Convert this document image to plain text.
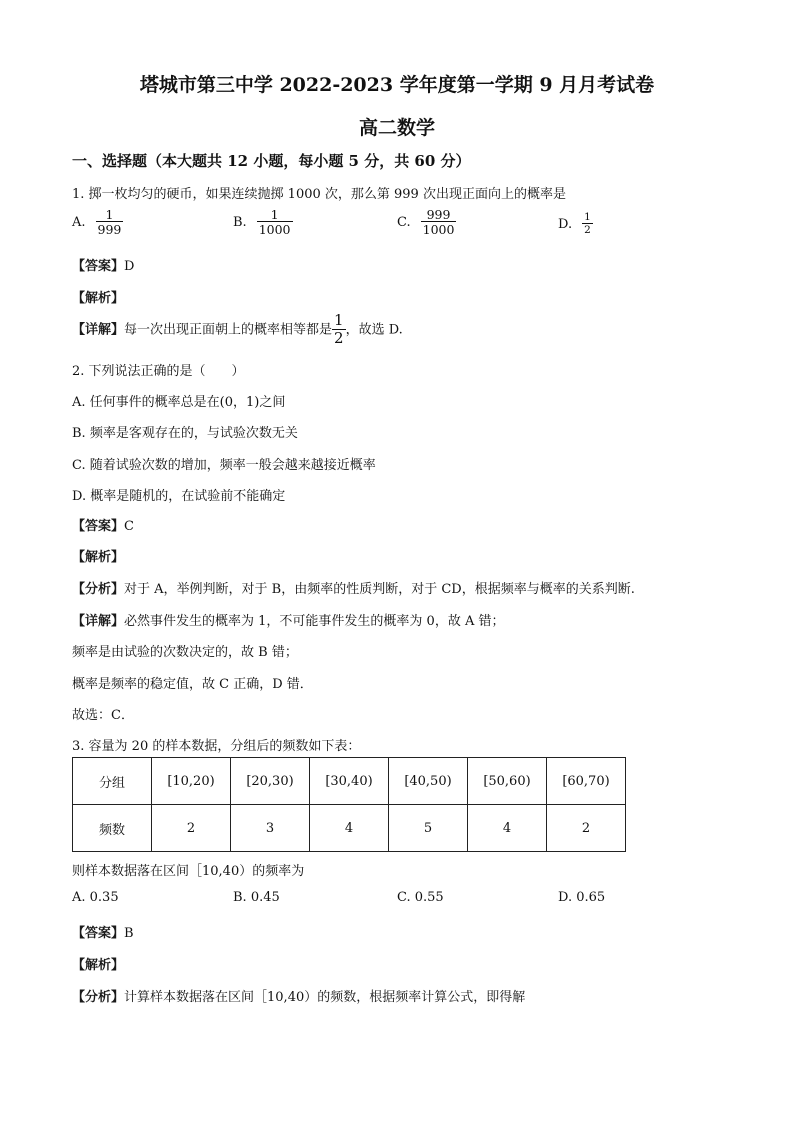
塔城市第三中学 2022-2023 学年度第一学期 9 月月考试卷
高二数学
一、选择题（本大题共 12 小题，每小题 5 分，共 60 分）
1. 掷一枚均匀的硬币，如果连续抛掷 1000 次，那么第 999 次出现正面向上的概率是
A. $\frac{1}{999}$	B. $\frac{1}{1000}$	C. $\frac{999}{1000}$	D. $\frac{1}{2}$
【答案】D
【解析】
【详解】每一次出现正面朝上的概率相等都是 $\frac{1}{2}$ ，故选 D.
2. 下列说法正确的是（　　）
A. 任何事件的概率总是在(0，1)之间
B. 频率是客观存在的，与试验次数无关
C. 随着试验次数的增加，频率一般会越来越接近概率
D. 概率是随机的，在试验前不能确定
【答案】C
【解析】
【分析】对于 A，举例判断，对于 B，由频率的性质判断，对于 CD，根据频率与概率的关系判断.
【详解】必然事件发生的概率为 1，不可能事件发生的概率为 0，故 A 错；
频率是由试验的次数决定的，故 B 错；
概率是频率的稳定值，故 C 正确，D 错．
故选：C．
3. 容量为 20 的样本数据，分组后的频数如下表：
分组	[10,20)	[20,30)	[30,40)	[40,50)	[50,60)	[60,70)
频数	2	3	4	5	4	2
则样本数据落在区间［10,40）的频率为
A. 0.35	B. 0.45	C. 0.55	D. 0.65
【答案】B
【解析】
【分析】计算样本数据落在区间［10,40）的频数，根据频率计算公式，即得解
